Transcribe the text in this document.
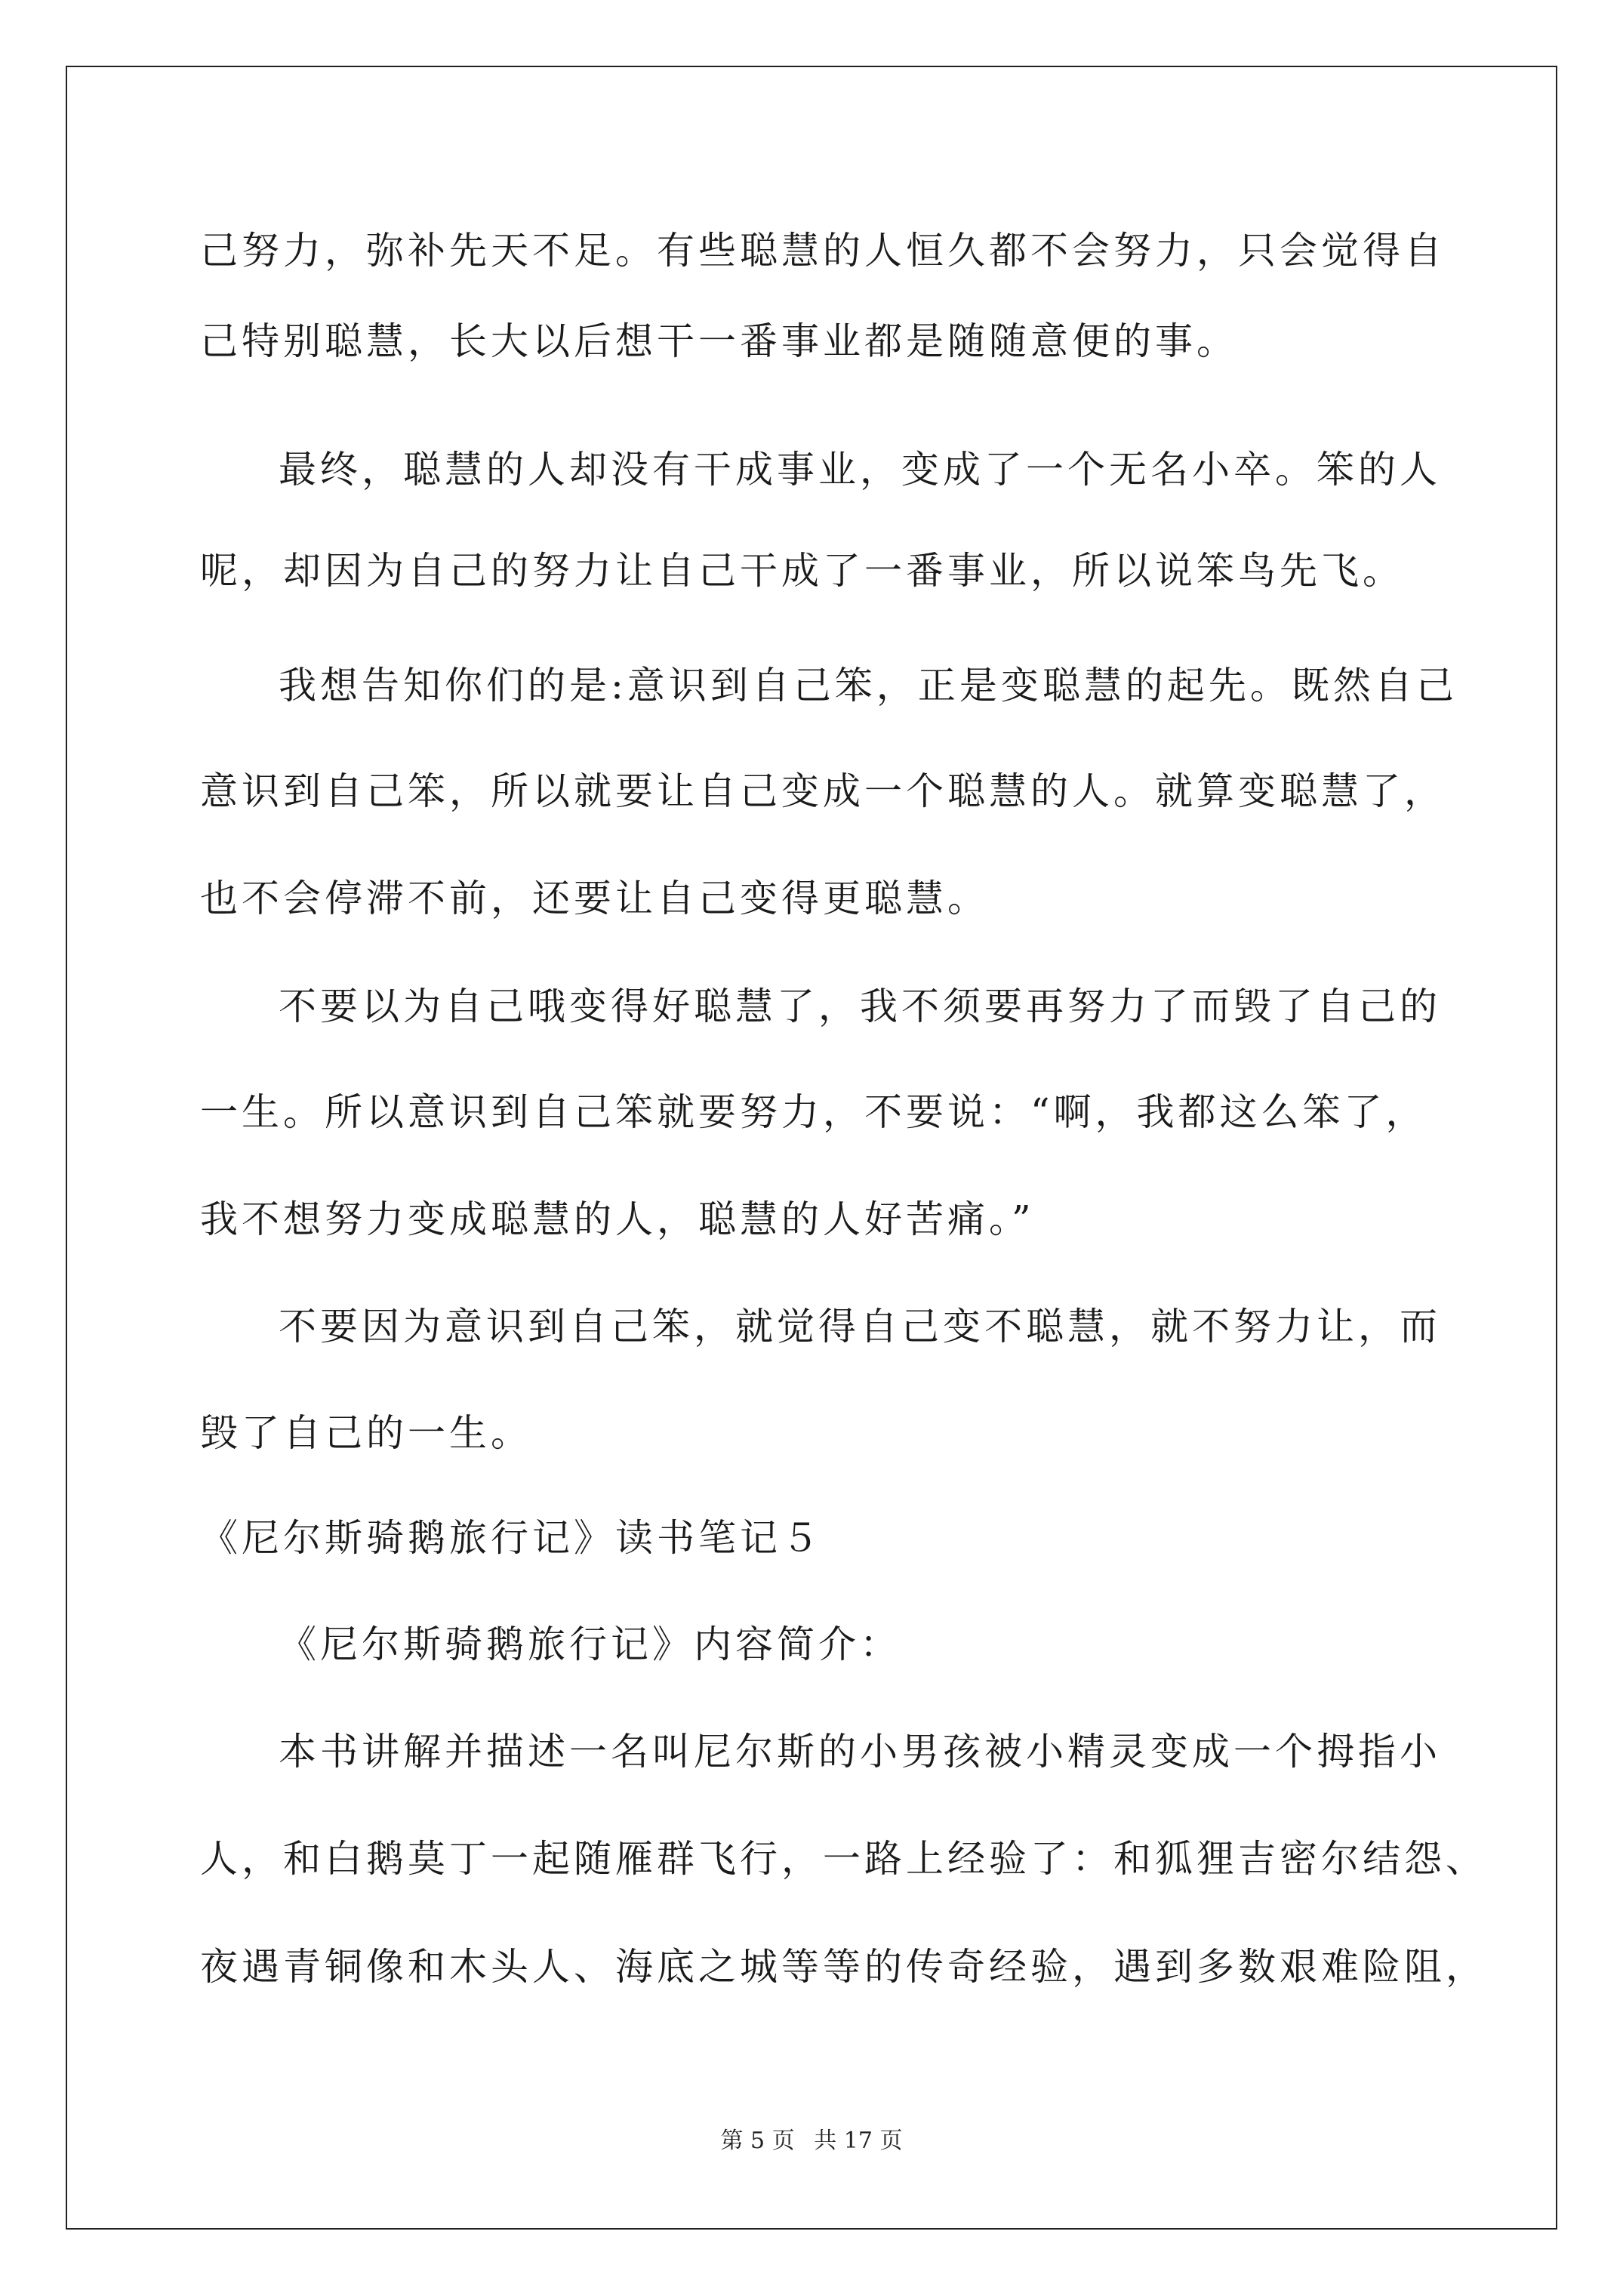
己努力，弥补先天不足。有些聪慧的人恒久都不会努力，只会觉得自
己特别聪慧，长大以后想干一番事业都是随随意便的事。
最终，聪慧的人却没有干成事业，变成了一个无名小卒。笨的人
呢，却因为自己的努力让自己干成了一番事业，所以说笨鸟先飞。
我想告知你们的是:意识到自己笨，正是变聪慧的起先。既然自己
意识到自己笨，所以就要让自己变成一个聪慧的人。就算变聪慧了，
也不会停滞不前，还要让自己变得更聪慧。
不要以为自己哦变得好聪慧了，我不须要再努力了而毁了自己的
一生。所以意识到自己笨就要努力，不要说：“啊，我都这么笨了，
我不想努力变成聪慧的人，聪慧的人好苦痛。”
不要因为意识到自己笨，就觉得自己变不聪慧，就不努力让，而
毁了自己的一生。
《尼尔斯骑鹅旅行记》读书笔记５
《尼尔斯骑鹅旅行记》内容简介：
本书讲解并描述一名叫尼尔斯的小男孩被小精灵变成一个拇指小
人，和白鹅莫丁一起随雁群飞行，一路上经验了：和狐狸吉密尔结怨、
夜遇青铜像和木头人、海底之城等等的传奇经验，遇到多数艰难险阻，
第 5 页 共 17 页
